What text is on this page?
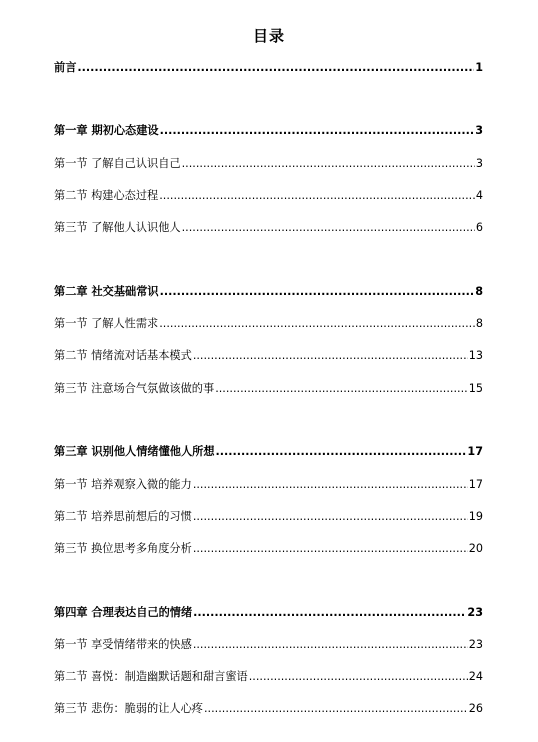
目录
前言 .....	1
第一章 期初心态建设 .....	3
第一节 了解自己认识自己 .....	3
第二节 构建心态过程 .....	4
第三节 了解他人认识他人 .....	6
第二章 社交基础常识 .....	8
第一节 了解人性需求 .....	8
第二节 情绪流对话基本模式 .....	13
第三节 注意场合气氛做该做的事 .....	15
第三章 识别他人情绪懂他人所想 .....	17
第一节 培养观察入微的能力 .....	17
第二节 培养思前想后的习惯 .....	19
第三节 换位思考多角度分析 .....	20
第四章 合理表达自己的情绪 .....	23
第一节 享受情绪带来的快感 .....	23
第二节 喜悦：制造幽默话题和甜言蜜语 .....	24
第三节 悲伤：脆弱的让人心疼 .....	26
